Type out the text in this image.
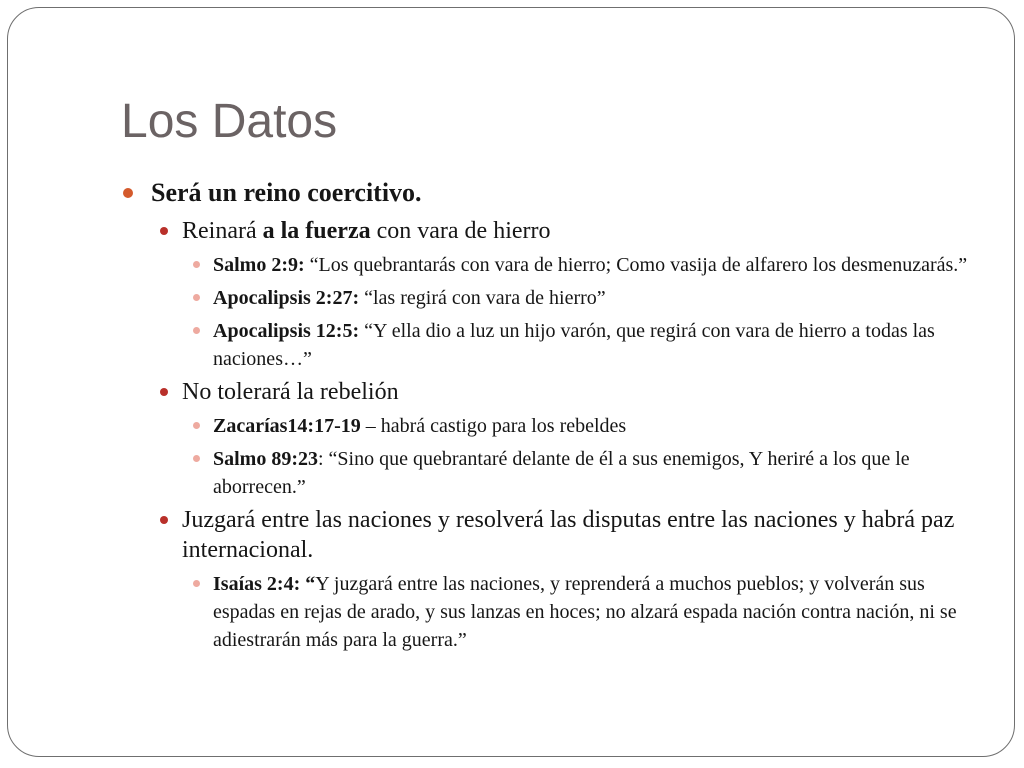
Los Datos
Será un reino coercitivo.
Reinará a la fuerza con vara de hierro
Salmo 2:9: “Los quebrantarás con vara de hierro; Como vasija de alfarero los desmenuzarás.”
Apocalipsis 2:27: “las regirá con vara de hierro”
Apocalipsis 12:5: “Y ella dio a luz un hijo varón, que regirá con vara de hierro a todas las naciones…”
No tolerará la rebelión
Zacarías14:17-19 – habrá castigo para los rebeldes
Salmo 89:23: “Sino que quebrantaré delante de él a sus enemigos, Y heriré a los que le aborrecen.”
Juzgará entre las naciones y resolverá las disputas entre las naciones y habrá paz internacional.
Isaías 2:4: “Y juzgará entre las naciones, y reprenderá a muchos pueblos; y volverán sus espadas en rejas de arado, y sus lanzas en hoces; no alzará espada nación contra nación, ni se adiestrarán más para la guerra.”
